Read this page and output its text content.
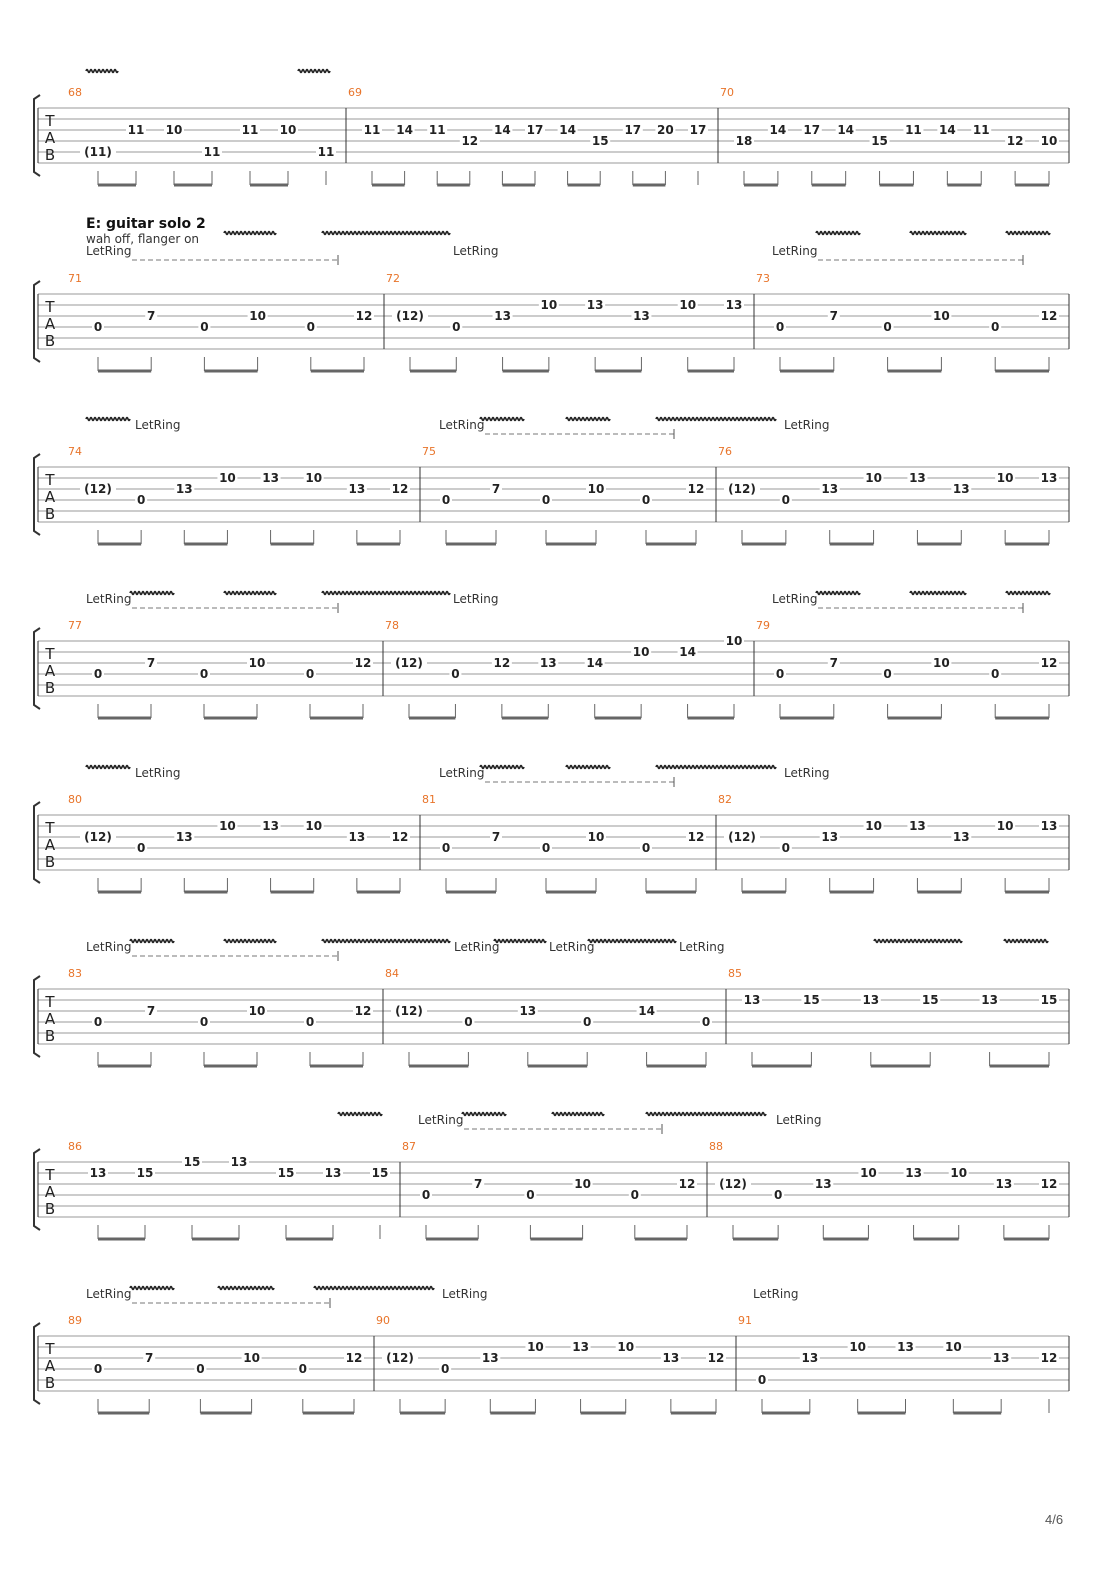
E: guitar solo 2
wah off, flanger on
LetRing	LetRing	LetRing
LetRing	LetRing	LetRing
LetRing	LetRing	LetRing
LetRing	LetRing	LetRing
LetRing	LetRing	LetRing	LetRing
LetRing	LetRing
LetRing	LetRing	LetRing
T
A
B
68
(11)
11 10
11
11 10
11
69
11 14 11
12
14 17 14
15
17 20 17
70
18
14 17 14
15
11 14 11
12 10
T
A
B
71
0
7
0
10
0
12
72
(12)
0
13
10 13
13
10 13
73
0
7
0
10
0
12
T
A
B
74
(12)
0
13
10 13 10
13 12
75
0
7
0
10
0
12
76
(12)
0
13
10 13
13
10 13
T
A
B
77
0
7
0
10
0
12
78
(12)
0
12 13 14
10 14
10
79
0
7
0
10
0
12
T
A
B
80
(12)
0
13
10 13 10
13 12
81
0
7
0
10
0
12
82
(12)
0
13
10 13
13
10 13
T
A
B
83
0
7
0
10
0
12
84
(12)
0
13
0
14
0
85
13	15	13	15	13	15
T
A
B
86
13	15
15	13
15	13	15
87
0
7
0
10
0
12
88
(12)
0
13
10 13 10
13 12
T
A
B
89
0
7
0
10
0
12
90
(12)
0
13
10 13 10
13 12
91
0
13
10	13	10
13	12
4/6
